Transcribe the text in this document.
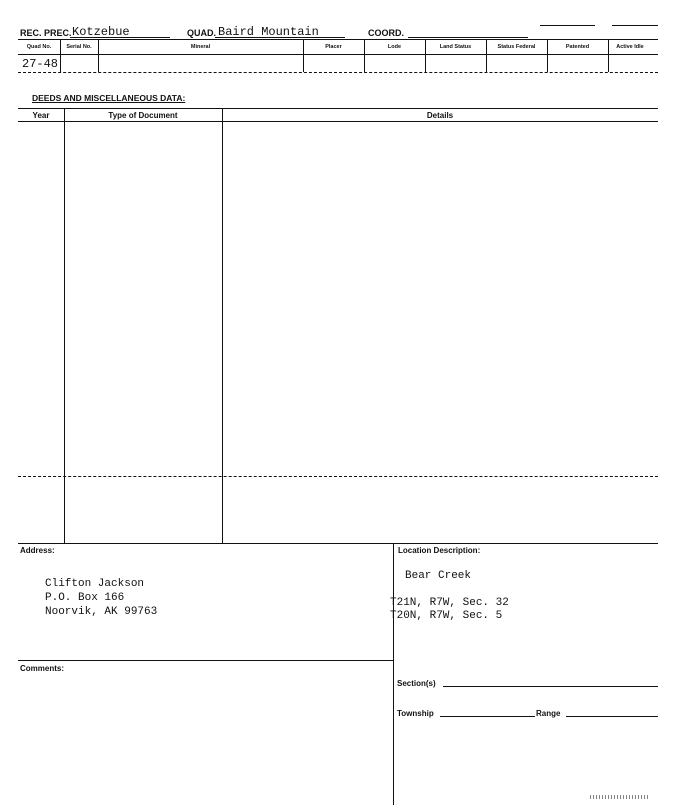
REC. PREC. Kotzebue	QUAD. Baird Mountain	COORD.
Quad No.	Serial No.	Mineral	Placer	Lode	Land Status	Status Federal	Patented	Active Idle
27-48
DEEDS AND MISCELLANEOUS DATA:
Year	Type of Document	Details
Address:
Clifton Jackson
P.O. Box 166
Noorvik, AK 99763
Location Description:
Bear Creek
T21N, R7W, Sec. 32
T20N, R7W, Sec. 5
Comments:
Section(s)
Township	Range
